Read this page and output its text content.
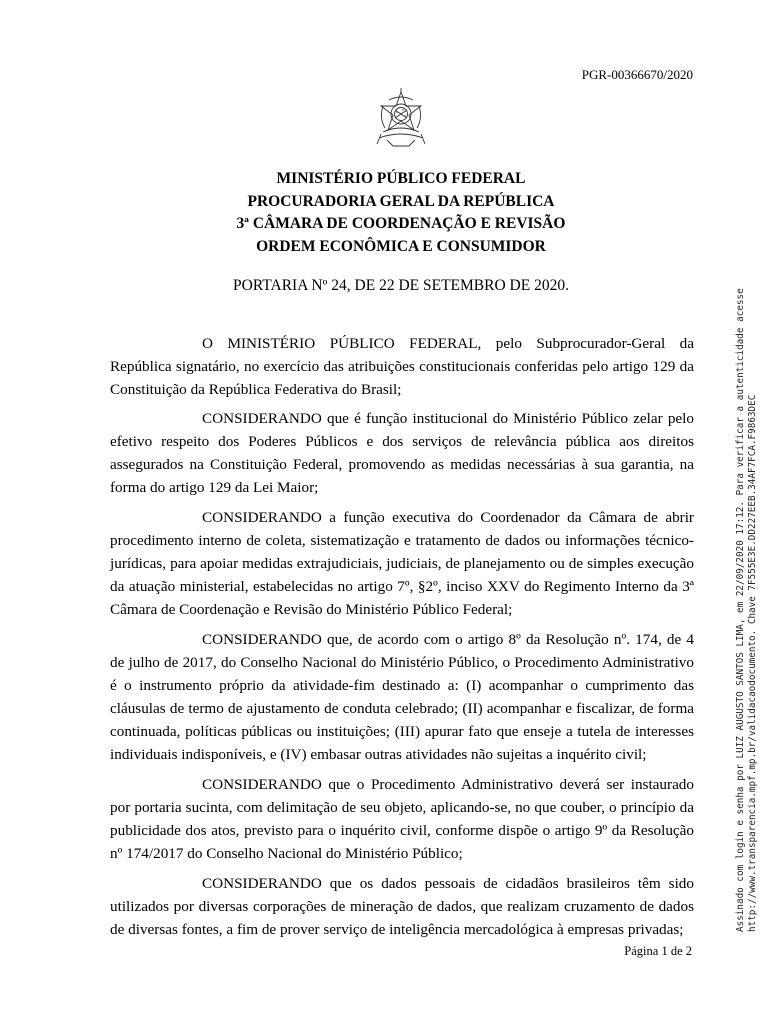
PGR-00366670/2020
MINISTÉRIO PÚBLICO FEDERAL
PROCURADORIA GERAL DA REPÚBLICA
3ª CÂMARA DE COORDENAÇÃO E REVISÃO
ORDEM ECONÔMICA E CONSUMIDOR
PORTARIA Nº 24, DE 22 DE SETEMBRO DE 2020.

O MINISTÉRIO PÚBLICO FEDERAL, pelo Subprocurador-Geral da República signatário, no exercício das atribuições constitucionais conferidas pelo artigo 129 da Constituição da República Federativa do Brasil;

CONSIDERANDO que é função institucional do Ministério Público zelar pelo efetivo respeito dos Poderes Públicos e dos serviços de relevância pública aos direitos assegurados na Constituição Federal, promovendo as medidas necessárias à sua garantia, na forma do artigo 129 da Lei Maior;

CONSIDERANDO a função executiva do Coordenador da Câmara de abrir procedimento interno de coleta, sistematização e tratamento de dados ou informações técnico-jurídicas, para apoiar medidas extrajudiciais, judiciais, de planejamento ou de simples execução da atuação ministerial, estabelecidas no artigo 7º, §2º, inciso XXV do Regimento Interno da 3ª Câmara de Coordenação e Revisão do Ministério Público Federal;

CONSIDERANDO que, de acordo com o artigo 8º da Resolução nº. 174, de 4 de julho de 2017, do Conselho Nacional do Ministério Público, o Procedimento Administrativo é o instrumento próprio da atividade-fim destinado a: (I) acompanhar o cumprimento das cláusulas de termo de ajustamento de conduta celebrado; (II) acompanhar e fiscalizar, de forma continuada, políticas públicas ou instituições; (III) apurar fato que enseje a tutela de interesses individuais indisponíveis, e (IV) embasar outras atividades não sujeitas a inquérito civil;

CONSIDERANDO que o Procedimento Administrativo deverá ser instaurado por portaria sucinta, com delimitação de seu objeto, aplicando-se, no que couber, o princípio da publicidade dos atos, previsto para o inquérito civil, conforme dispõe o artigo 9º da Resolução nº 174/2017 do Conselho Nacional do Ministério Público;

CONSIDERANDO que os dados pessoais de cidadãos brasileiros têm sido utilizados por diversas corporações de mineração de dados, que realizam cruzamento de dados de diversas fontes, a fim de prover serviço de inteligência mercadológica à empresas privadas;

Página 1 de 2
Assinado com login e senha por LUIZ AUGUSTO SANTOS LIMA, em 22/09/2020 17:12. Para verificar a autenticidade acesse http://www.transparencia.mpf.mp.br/validacaodocumento. Chave 7F555E3E.DD227EEB.34AF7FCA.F9863DEC
